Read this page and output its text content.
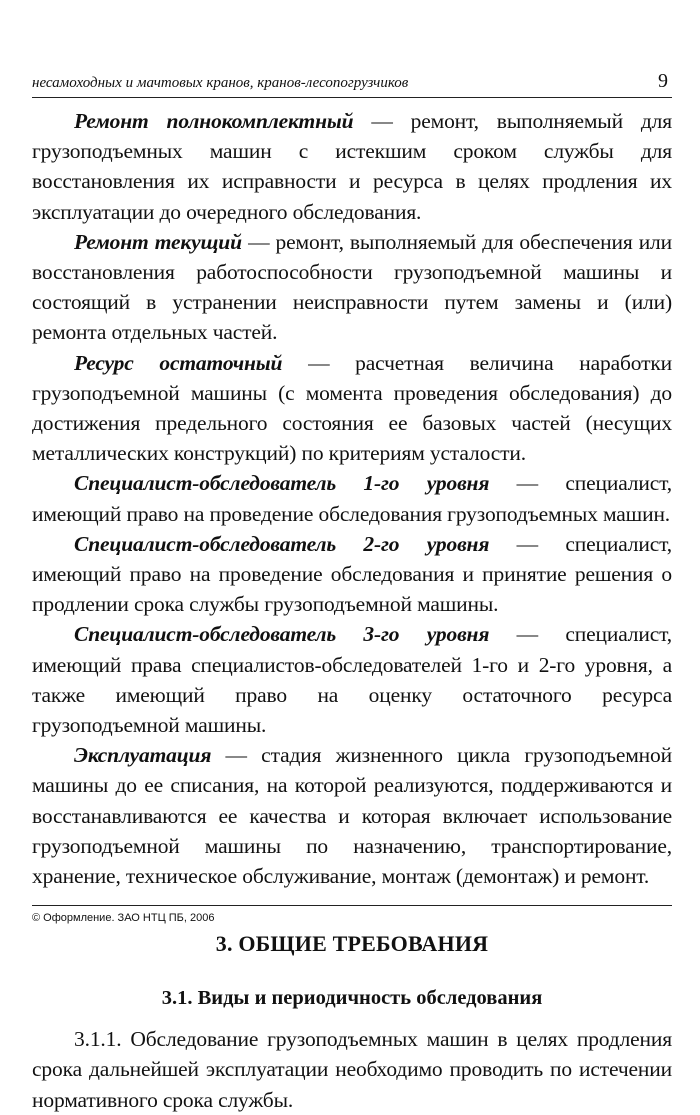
несамоходных и мачтовых кранов, кранов-лесопогрузчиков	9

Ремонт полнокомплектный — ремонт, выполняемый для грузоподъемных машин с истекшим сроком службы для восстановления их исправности и ресурса в целях продления их эксплуатации до очередного обследования.

Ремонт текущий — ремонт, выполняемый для обеспечения или восстановления работоспособности грузоподъемной машины и состоящий в устранении неисправности путем замены и (или) ремонта отдельных частей.

Ресурс остаточный — расчетная величина наработки грузоподъемной машины (с момента проведения обследования) до достижения предельного состояния ее базовых частей (несущих металлических конструкций) по критериям усталости.

Специалист-обследователь 1-го уровня — специалист, имеющий право на проведение обследования грузоподъемных машин.

Специалист-обследователь 2-го уровня — специалист, имеющий право на проведение обследования и принятие решения о продлении срока службы грузоподъемной машины.

Специалист-обследователь 3-го уровня — специалист, имеющий права специалистов-обследователей 1-го и 2-го уровня, а также имеющий право на оценку остаточного ресурса грузоподъемной машины.

Эксплуатация — стадия жизненного цикла грузоподъемной машины до ее списания, на которой реализуются, поддерживаются и восстанавливаются ее качества и которая включает использование грузоподъемной машины по назначению, транспортирование, хранение, техническое обслуживание, монтаж (демонтаж) и ремонт.

3. ОБЩИЕ ТРЕБОВАНИЯ
3.1. Виды и периодичность обследования

3.1.1. Обследование грузоподъемных машин в целях продления срока дальнейшей эксплуатации необходимо проводить по истечении нормативного срока службы.

© Оформление. ЗАО НТЦ ПБ, 2006
